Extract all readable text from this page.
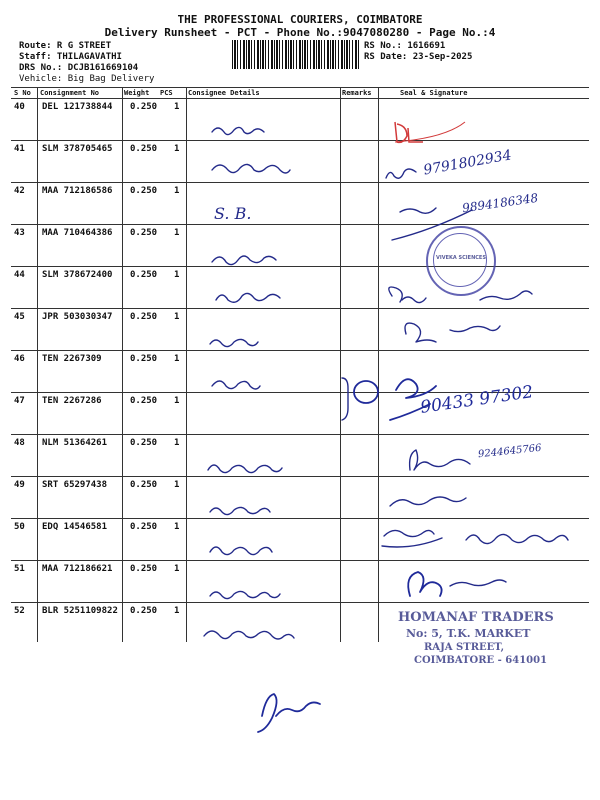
THE PROFESSIONAL COURIERS, COIMBATORE
Delivery Runsheet - PCT - Phone No.:9047080280 - Page No.:4
Route: R G STREET
Staff: THILAGAVATHI
DRS No.: DCJB161669104
Vehicle: Big Bag Delivery
RS No.: 1616691
RS Date: 23-Sep-2025
S No Consignment No	Weight PCS Consignee Details	Remarks	Seal & Signature
40 DEL 121738844 0.250 1
41 SLM 378705465 0.250 1
42 MAA 712186586 0.250 1
43 MAA 710464386 0.250 1
44 SLM 378672400 0.250 1
45 JPR 503030347 0.250 1
46 TEN 2267309	0.250 1
47 TEN 2267286	0.250 1
48 NLM 51364261	0.250 1
49 SRT 65297438	0.250 1
50 EDQ 14546581	0.250 1
51 MAA 712186621 0.250 1
52 BLR 5251109822 0.250 1
9791802934
9894186348
S. B.
90433 97302
9244645766
VIVEKA SCIENCES
HOMANAF TRADERS
No: 5, T.K. MARKET
RAJA STREET,
COIMBATORE - 641001
